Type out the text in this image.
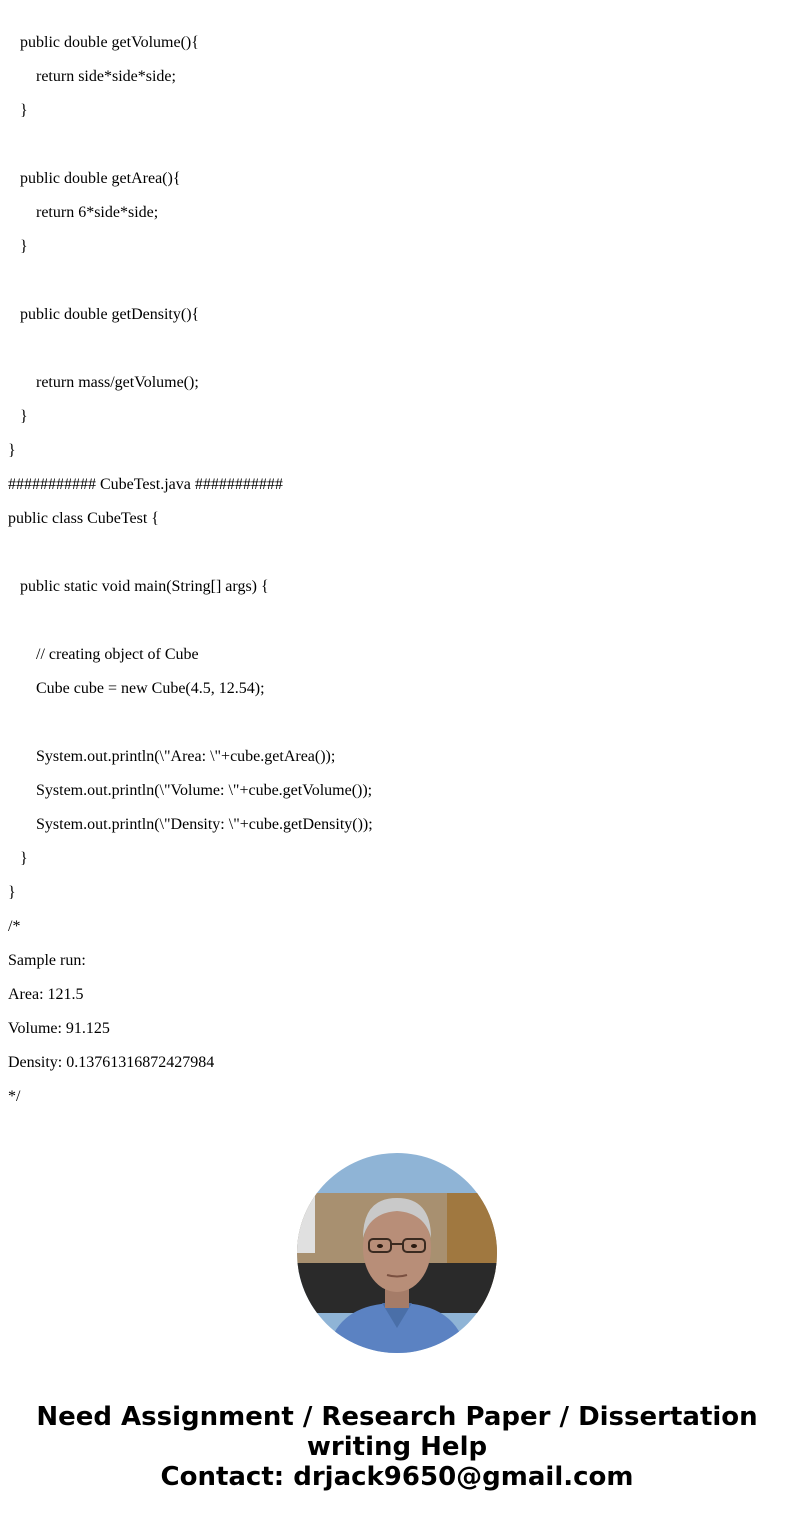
public double getVolume(){
return side*side*side;
}
public double getArea(){
return 6*side*side;
}
public double getDensity(){
return mass/getVolume();
}
}
########### CubeTest.java ###########
public class CubeTest {
public static void main(String[] args) {
// creating object of Cube
Cube cube = new Cube(4.5, 12.54);
System.out.println(\"Area: \"+cube.getArea());
System.out.println(\"Volume: \"+cube.getVolume());
System.out.println(\"Density: \"+cube.getDensity());
}
}
/*
Sample run:
Area: 121.5
Volume: 91.125
Density: 0.13761316872427984
*/
Need Assignment / Research Paper / Dissertation
writing Help
Contact: drjack9650@gmail.com
